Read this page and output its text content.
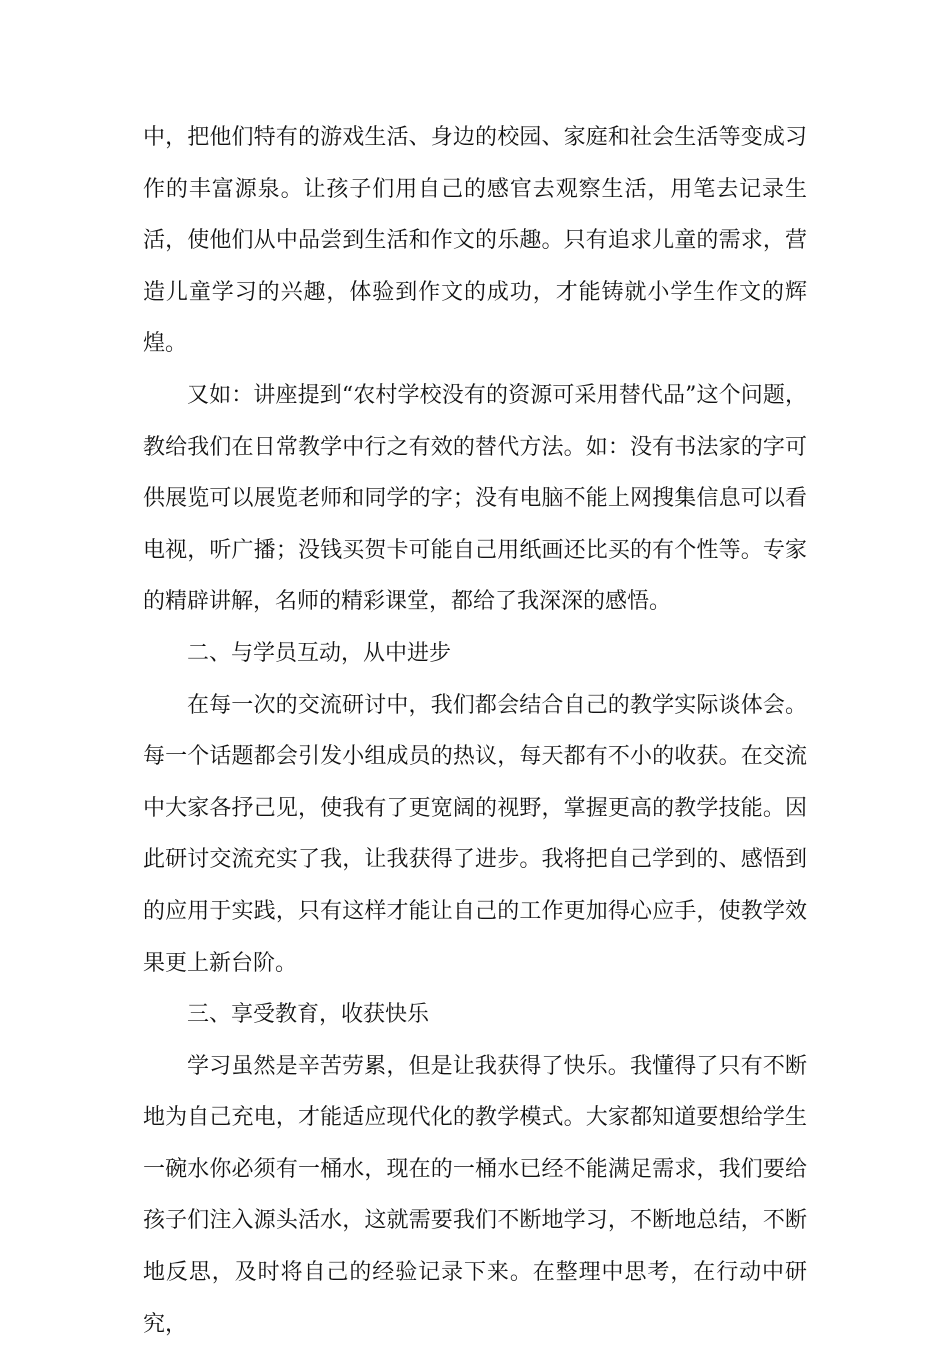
中，把他们特有的游戏生活、身边的校园、家庭和社会生活等变成习作的丰富源泉。让孩子们用自己的感官去观察生活，用笔去记录生活，使他们从中品尝到生活和作文的乐趣。只有追求儿童的需求，营造儿童学习的兴趣，体验到作文的成功，才能铸就小学生作文的辉煌。

又如：讲座提到“农村学校没有的资源可采用替代品”这个问题，教给我们在日常教学中行之有效的替代方法。如：没有书法家的字可供展览可以展览老师和同学的字；没有电脑不能上网搜集信息可以看电视，听广播；没钱买贺卡可能自己用纸画还比买的有个性等。专家的精辟讲解，名师的精彩课堂，都给了我深深的感悟。

二、与学员互动，从中进步

在每一次的交流研讨中，我们都会结合自己的教学实际谈体会。每一个话题都会引发小组成员的热议，每天都有不小的收获。在交流中大家各抒己见，使我有了更宽阔的视野，掌握更高的教学技能。因此研讨交流充实了我，让我获得了进步。我将把自己学到的、感悟到的应用于实践，只有这样才能让自己的工作更加得心应手，使教学效果更上新台阶。

三、享受教育，收获快乐

学习虽然是辛苦劳累，但是让我获得了快乐。我懂得了只有不断地为自己充电，才能适应现代化的教学模式。大家都知道要想给学生一碗水你必须有一桶水，现在的一桶水已经不能满足需求，我们要给孩子们注入源头活水，这就需要我们不断地学习，不断地总结，不断地反思，及时将自己的经验记录下来。在整理中思考，在行动中研究，
